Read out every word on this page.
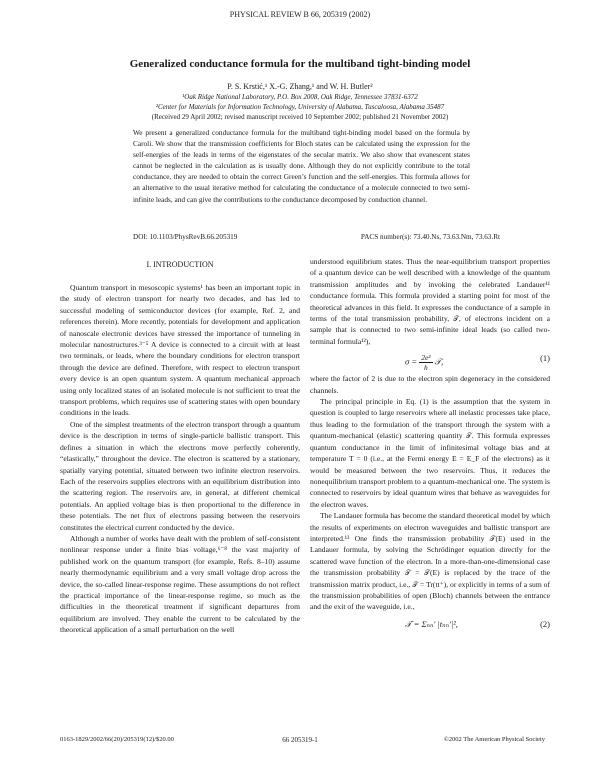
PHYSICAL REVIEW B 66, 205319 (2002)
Generalized conductance formula for the multiband tight-binding model
P. S. Krstić,¹ X.-G. Zhang,¹ and W. H. Butler²
¹Oak Ridge National Laboratory, P.O. Box 2008, Oak Ridge, Tennessee 37831-6372
²Center for Materials for Information Technology, University of Alabama, Tuscaloosa, Alabama 35487
(Received 29 April 2002; revised manuscript received 10 September 2002; published 21 November 2002)
We present a generalized conductance formula for the multiband tight-binding model based on the formula by Caroli. We show that the transmission coefficients for Bloch states can be calculated using the expression for the self-energies of the leads in terms of the eigenstates of the secular matrix. We also show that evanescent states cannot be neglected in the calculation as is usually done. Although they do not explicitly contribute to the total conductance, they are needed to obtain the correct Green’s function and the self-energies. This formula allows for an alternative to the usual iterative method for calculating the conductance of a molecule connected to two semi-infinite leads, and can give the contributions to the conductance decomposed by conduction channel.
DOI: 10.1103/PhysRevB.66.205319	PACS number(s): 73.40.Ns, 73.63.Nm, 73.63.Rt
I. INTRODUCTION

Quantum transport in mesoscopic systems¹ has been an important topic in the study of electron transport for nearly two decades, and has led to successful modeling of semiconductor devices (for example, Ref. 2, and references therein). More recently, potentials for development and application of nanoscale electronic devices have stressed the importance of tunneling in molecular nanostructures.³⁻⁵ A device is connected to a circuit with at least two terminals, or leads, where the boundary conditions for electron transport through the device are defined. Therefore, with respect to electron transport every device is an open quantum system. A quantum mechanical approach using only localized states of an isolated molecule is not sufficient to treat the transport problems, which requires use of scattering states with open boundary conditions in the leads.

One of the simplest treatments of the electron transport through a quantum device is the description in terms of single-particle ballistic transport. This defines a situation in which the electrons move perfectly coherently, “elastically,” throughout the device. The electron is scattered by a stationary, spatially varying potential, situated between two infinite electron reservoirs. Each of the reservoirs supplies electrons with an equilibrium distribution into the scattering region. The reservoirs are, in general, at different chemical potentials. An applied voltage bias is then proportional to the difference in these potentials. The net flux of electrons passing between the reservoirs constitutes the electrical current conducted by the device.

Although a number of works have dealt with the problem of self-consistent nonlinear response under a finite bias voltage,⁶⁻⁸ the vast majority of published work on the quantum transport (for example, Refs. 8–10) assume nearly thermodynamic equilibrium and a very small voltage drop across the device, the so-called linear-response regime. These assumptions do not reflect the practical importance of the linear-response regime, so much as the difficulties in the theoretical treatment if significant departures from equilibrium are involved. They enable the current to be calculated by the theoretical application of a small perturbation on the well

understood equilibrium states. Thus the near-equilibrium transport properties of a quantum device can be well described with a knowledge of the quantum transmission amplitudes and by invoking the celebrated Landauer¹¹ conductance formula. This formula provided a starting point for most of the theoretical advances in this field. It expresses the conductance of a sample in terms of the total transmission probability, 𝒯, of electrons incident on a sample that is connected to two semi-infinite ideal leads (so called two-terminal formula¹²),

$\sigma = \frac{\text{2e²}}{h}$ 𝒯,	(1)

where the factor of 2 is due to the electron spin degeneracy in the considered channels.

The principal principle in Eq. (1) is the assumption that the system in question is coupled to large reservoirs where all inelastic processes take place, thus leading to the formulation of the transport through the system with a quantum-mechanical (elastic) scattering quantity 𝒯. This formula expresses quantum conductance in the limit of infinitesimal voltage bias and at temperature T = 0 (i.e., at the Fermi energy E = E_F of the electrons) as it would be measured between the two reservoirs. Thus, it reduces the nonequilibrium transport problem to a quantum-mechanical one. The system is connected to reservoirs by ideal quantum wires that behave as waveguides for the electron waves.

The Landauer formula has become the standard theoretical model by which the results of experiments on electron waveguides and ballistic transport are interpreted.¹³ One finds the transmission probability 𝒯(E) used in the Landauer formula, by solving the Schrödinger equation directly for the scattered wave function of the electron. In a more-than-one-dimensional case the transmission probability 𝒯 = 𝒯(E) is replaced by the trace of the transmission matrix product, i.e., 𝒯 = Tr(tt⁺), or explicitly in terms of a sum of the transmission probabilities of open (Bloch) channels between the entrance and the exit of the waveguide, i.e.,

𝒯 = Σₙₙ′ |tₙₙ′|²,	(2)
0163-1829/2002/66(20)/205319(12)/$20.00	66 205319-1	©2002 The American Physical Society
